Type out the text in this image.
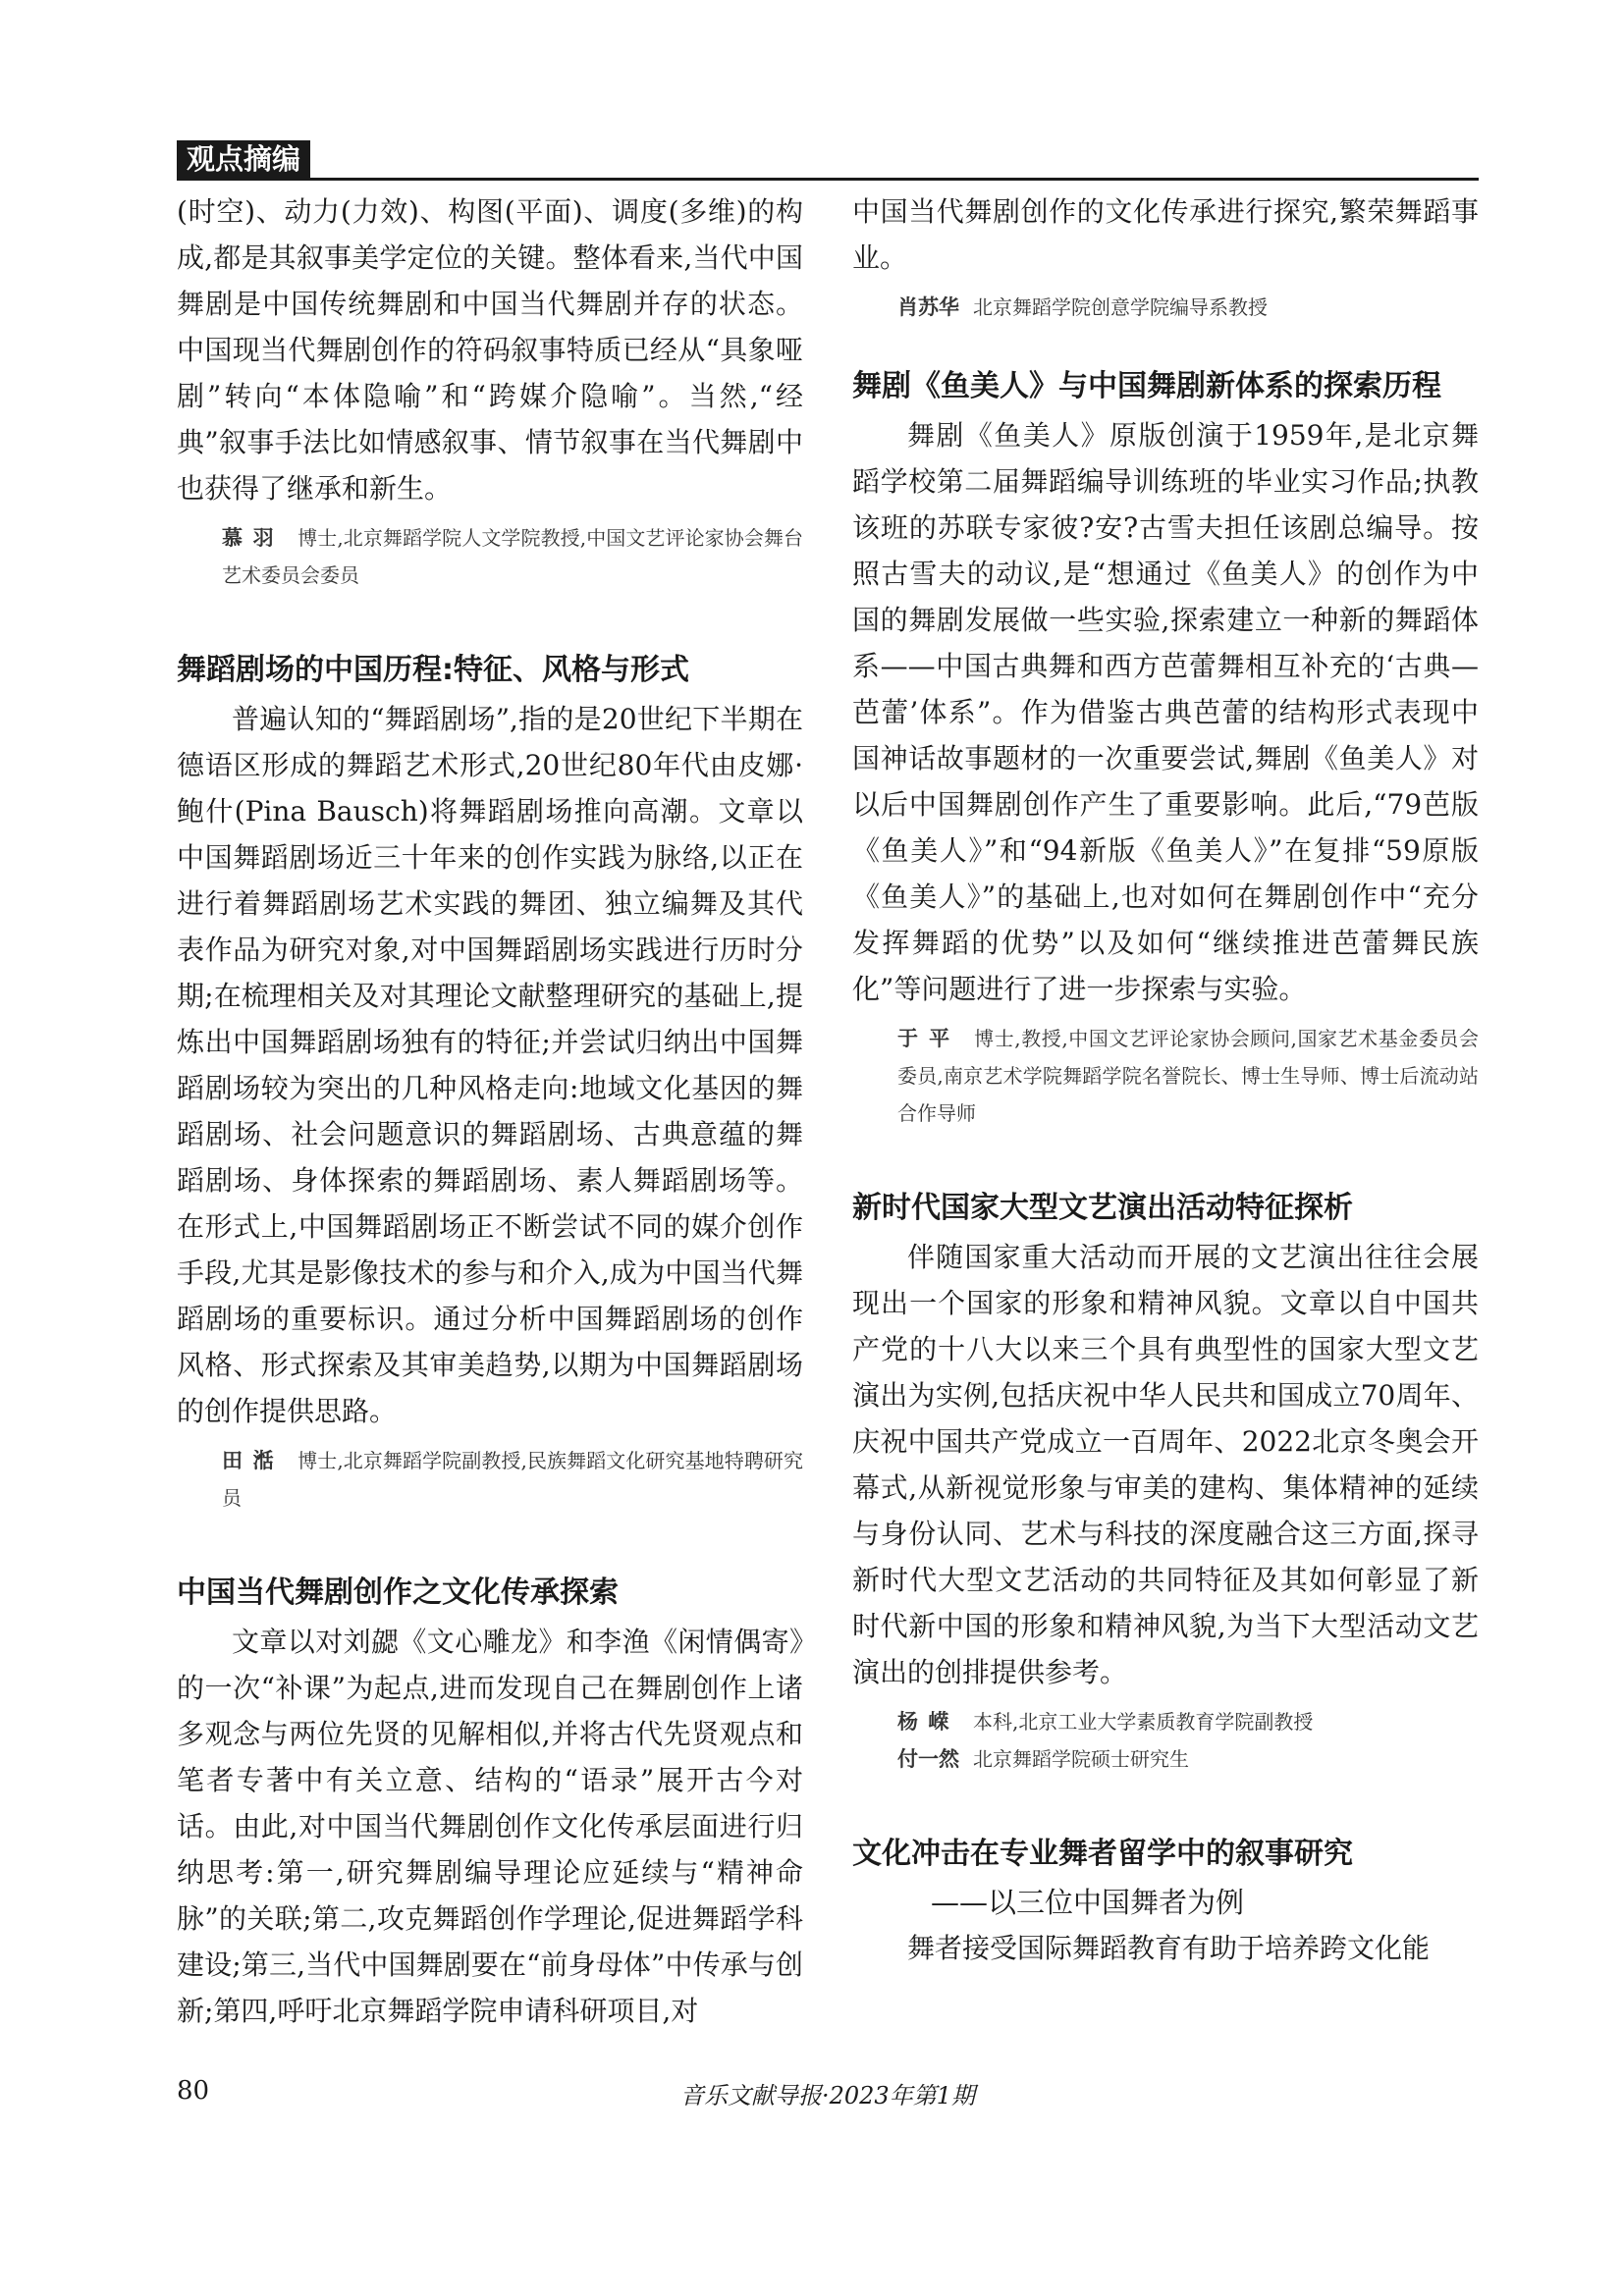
观点摘编

(时空)、动力(力效)、构图(平面)、调度(多维)的构成,都是其叙事美学定位的关键。整体看来,当代中国舞剧是中国传统舞剧和中国当代舞剧并存的状态。中国现当代舞剧创作的符码叙事特质已经从“具象哑剧”转向“本体隐喻”和“跨媒介隐喻”。当然,“经典”叙事手法比如情感叙事、情节叙事在当代舞剧中也获得了继承和新生。

慕羽 博士,北京舞蹈学院人文学院教授,中国文艺评论家协会舞台艺术委员会委员

舞蹈剧场的中国历程:特征、风格与形式

普遍认知的“舞蹈剧场”,指的是20世纪下半期在德语区形成的舞蹈艺术形式,20世纪80年代由皮娜·鲍什(Pina Bausch)将舞蹈剧场推向高潮。文章以中国舞蹈剧场近三十年来的创作实践为脉络,以正在进行着舞蹈剧场艺术实践的舞团、独立编舞及其代表作品为研究对象,对中国舞蹈剧场实践进行历时分期;在梳理相关及对其理论文献整理研究的基础上,提炼出中国舞蹈剧场独有的特征;并尝试归纳出中国舞蹈剧场较为突出的几种风格走向:地域文化基因的舞蹈剧场、社会问题意识的舞蹈剧场、古典意蕴的舞蹈剧场、身体探索的舞蹈剧场、素人舞蹈剧场等。在形式上,中国舞蹈剧场正不断尝试不同的媒介创作手段,尤其是影像技术的参与和介入,成为中国当代舞蹈剧场的重要标识。通过分析中国舞蹈剧场的创作风格、形式探索及其审美趋势,以期为中国舞蹈剧场的创作提供思路。

田湉 博士,北京舞蹈学院副教授,民族舞蹈文化研究基地特聘研究员

中国当代舞剧创作之文化传承探索

文章以对刘勰《文心雕龙》和李渔《闲情偶寄》的一次“补课”为起点,进而发现自己在舞剧创作上诸多观念与两位先贤的见解相似,并将古代先贤观点和笔者专著中有关立意、结构的“语录”展开古今对话。由此,对中国当代舞剧创作文化传承层面进行归纳思考:第一,研究舞剧编导理论应延续与“精神命脉”的关联;第二,攻克舞蹈创作学理论,促进舞蹈学科建设;第三,当代中国舞剧要在“前身母体”中传承与创新;第四,呼吁北京舞蹈学院申请科研项目,对

中国当代舞剧创作的文化传承进行探究,繁荣舞蹈事业。

肖苏华 北京舞蹈学院创意学院编导系教授

舞剧《鱼美人》与中国舞剧新体系的探索历程

舞剧《鱼美人》原版创演于1959年,是北京舞蹈学校第二届舞蹈编导训练班的毕业实习作品;执教该班的苏联专家彼?安?古雪夫担任该剧总编导。按照古雪夫的动议,是“想通过《鱼美人》的创作为中国的舞剧发展做一些实验,探索建立一种新的舞蹈体系——中国古典舞和西方芭蕾舞相互补充的‘古典—芭蕾’体系”。作为借鉴古典芭蕾的结构形式表现中国神话故事题材的一次重要尝试,舞剧《鱼美人》对以后中国舞剧创作产生了重要影响。此后,“79芭版《鱼美人》”和“94新版《鱼美人》”在复排“59原版《鱼美人》”的基础上,也对如何在舞剧创作中“充分发挥舞蹈的优势”以及如何“继续推进芭蕾舞民族化”等问题进行了进一步探索与实验。

于平 博士,教授,中国文艺评论家协会顾问,国家艺术基金委员会委员,南京艺术学院舞蹈学院名誉院长、博士生导师、博士后流动站合作导师

新时代国家大型文艺演出活动特征探析

伴随国家重大活动而开展的文艺演出往往会展现出一个国家的形象和精神风貌。文章以自中国共产党的十八大以来三个具有典型性的国家大型文艺演出为实例,包括庆祝中华人民共和国成立70周年、庆祝中国共产党成立一百周年、2022北京冬奥会开幕式,从新视觉形象与审美的建构、集体精神的延续与身份认同、艺术与科技的深度融合这三方面,探寻新时代大型文艺活动的共同特征及其如何彰显了新时代新中国的形象和精神风貌,为当下大型活动文艺演出的创排提供参考。

杨嵘 本科,北京工业大学素质教育学院副教授

付一然 北京舞蹈学院硕士研究生

文化冲击在专业舞者留学中的叙事研究

——以三位中国舞者为例

舞者接受国际舞蹈教育有助于培养跨文化能

80	音乐文献导报·2023年第1期
